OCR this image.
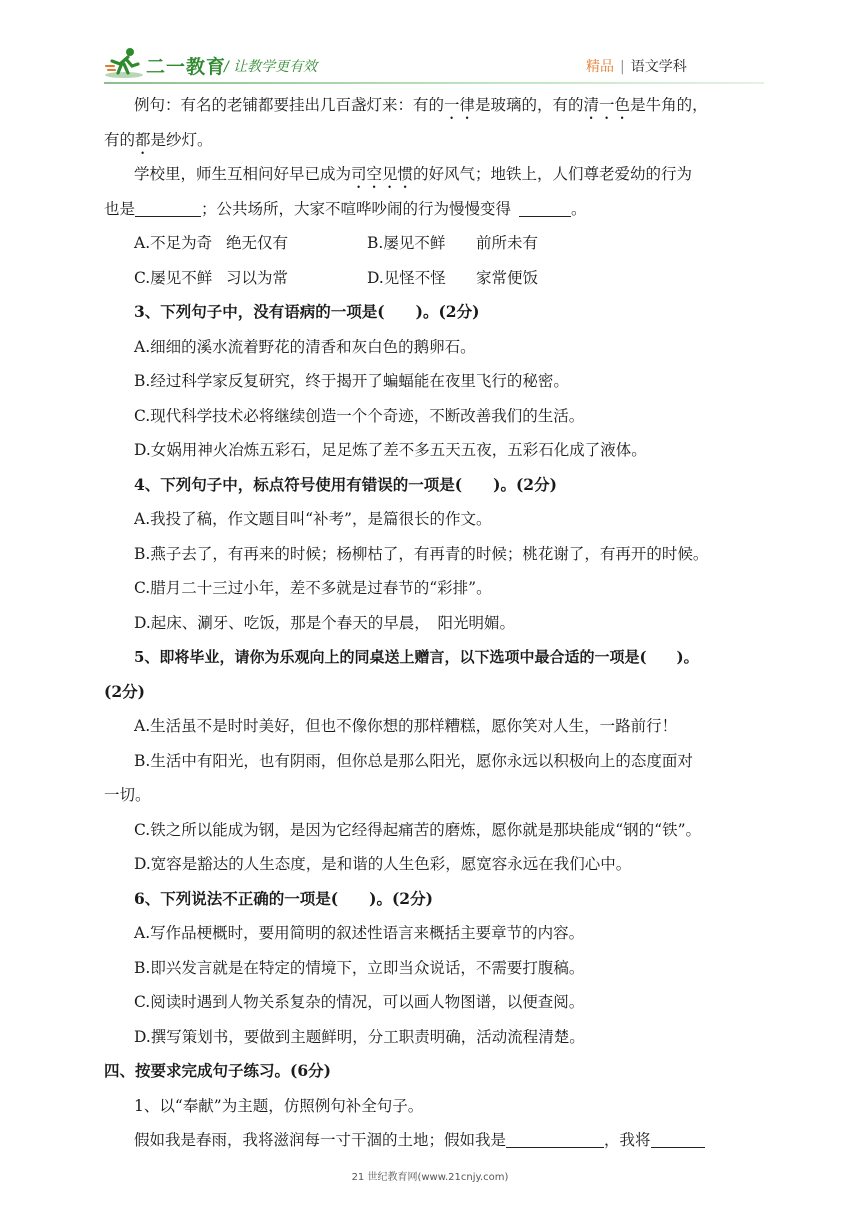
二一教育
/ 让教学更有效	精品 | 语文学科
例句：有名的老铺都要挂出几百盏灯来：有的一律是玻璃的，有的清一色是牛角的，
有的都是纱灯。
学校里，师生互相问好早已成为司空见惯的好风气；地铁上，人们尊老爱幼的行为
也是	；公共场所，大家不喧哗吵闹的行为慢慢变得	。
A.不足为奇 绝无仅有	B.屡见不鲜 前所未有
C.屡见不鲜 习以为常	D.见怪不怪 家常便饭
3、下列句子中，没有语病的一项是(　　)。(2分)
A.细细的溪水流着野花的清香和灰白色的鹅卵石。
B.经过科学家反复研究，终于揭开了蝙蝠能在夜里飞行的秘密。
C.现代科学技术必将继续创造一个个奇迹，不断改善我们的生活。
D.女娲用神火冶炼五彩石，足足炼了差不多五天五夜，五彩石化成了液体。
4、下列句子中，标点符号使用有错误的一项是(　　)。(2分)
A.我投了稿，作文题目叫“补考”，是篇很长的作文。
B.燕子去了，有再来的时候；杨柳枯了，有再青的时候；桃花谢了，有再开的时候。
C.腊月二十三过小年，差不多就是过春节的“彩排”。
D.起床、涮牙、吃饭，那是个春天的早晨，　阳光明媚。
5、即将毕业，请你为乐观向上的同桌送上赠言，以下选项中最合适的一项是(　　)。
(2分)
A.生活虽不是时时美好，但也不像你想的那样糟糕，愿你笑对人生，一路前行！
B.生活中有阳光，也有阴雨，但你总是那么阳光，愿你永远以积极向上的态度面对
一切。
C.铁之所以能成为钢，是因为它经得起痛苦的磨炼，愿你就是那块能成“钢的“铁”。
D.宽容是豁达的人生态度，是和谐的人生色彩，愿宽容永远在我们心中。
6、下列说法不正确的一项是(　　)。(2分)
A.写作品梗概时，要用简明的叙述性语言来概括主要章节的内容。
B.即兴发言就是在特定的情境下，立即当众说话，不需要打腹稿。
C.阅读时遇到人物关系复杂的情况，可以画人物图谱，以便查阅。
D.撰写策划书，要做到主题鲜明，分工职责明确，活动流程清楚。
四、按要求完成句子练习。(6分)
1、以“奉献”为主题，仿照例句补全句子。
假如我是春雨，我将滋润每一寸干涸的土地；假如我是	，我将
21 世纪教育网(www.21cnjy.com)
